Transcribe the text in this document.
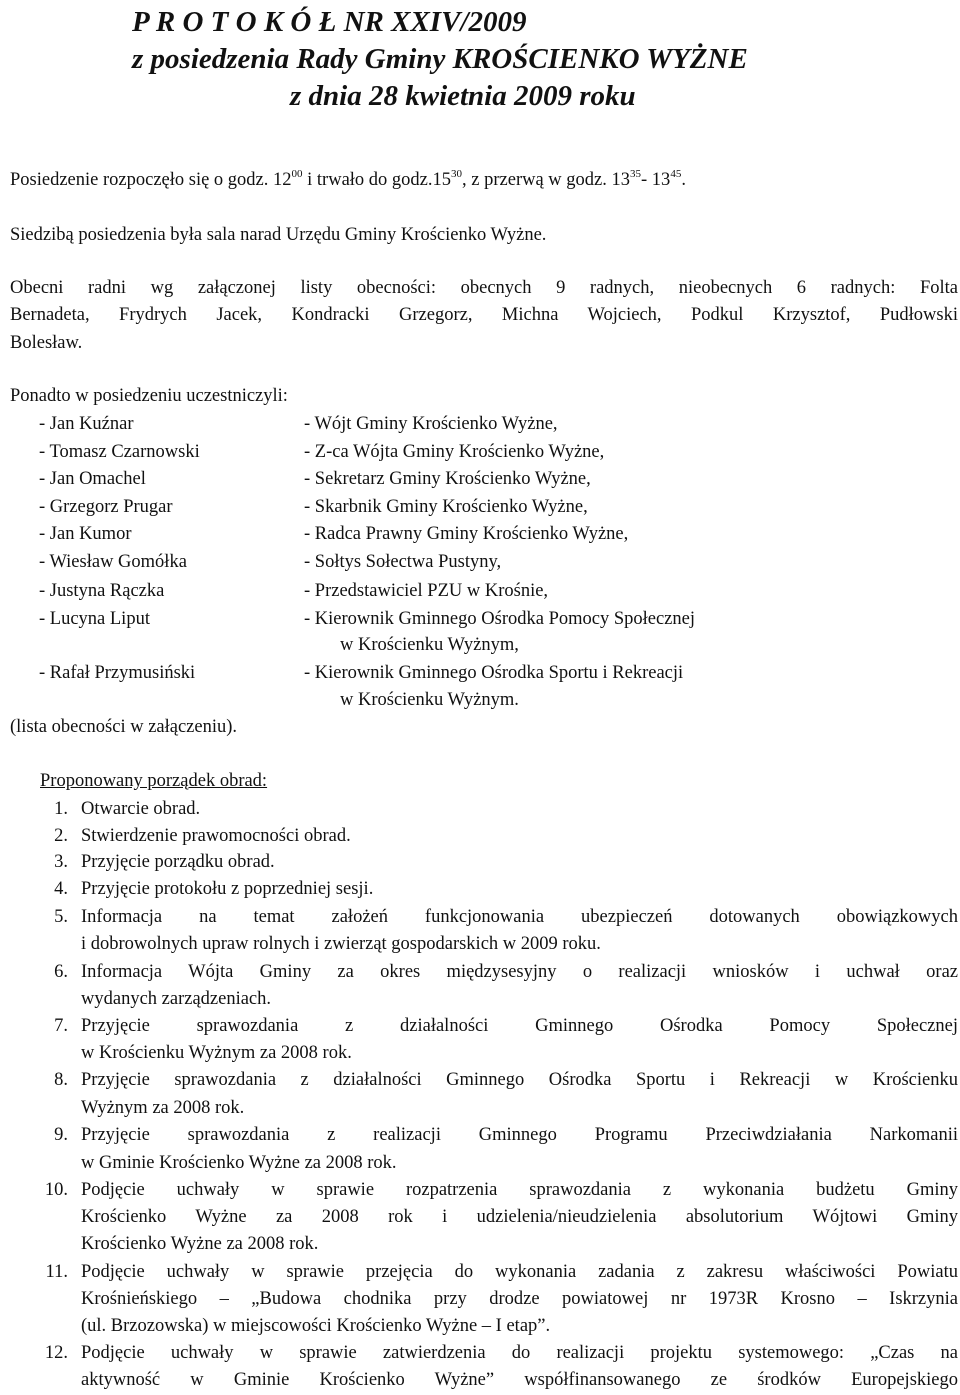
P R O T O K Ó Ł NR XXIV/2009
z posiedzenia Rady Gminy KROŚCIENKO WYŻNE
z dnia 28 kwietnia 2009 roku
Posiedzenie rozpoczęło się o godz. $12^{00}$ i trwało do $godz.15^{30}$, z przerwą w godz. $13^{35}-$ $13^{45}$.
Siedzibą posiedzenia była sala narad Urzędu Gminy Krościenko Wyżne.
Obecni radni wg załączonej listy obecności: obecnych 9 radnych, nieobecnych 6 radnych: Folta
Bernadeta, Frydrych Jacek, Kondracki Grzegorz, Michna Wojciech, Podkul Krzysztof, Pudłowski
Bolesław.
Ponadto w posiedzeniu uczestniczyli:
- Jan Kuźnar	- Wójt Gminy Krościenko Wyżne,
- Tomasz Czarnowski	- Z-ca Wójta Gminy Krościenko Wyżne,
- Jan Omachel	- Sekretarz Gminy Krościenko Wyżne,
- Grzegorz Prugar	- Skarbnik Gminy Krościenko Wyżne,
- Jan Kumor	- Radca Prawny Gminy Krościenko Wyżne,
- Wiesław Gomółka	- Sołtys Sołectwa Pustyny,
- Justyna Rączka	- Przedstawiciel PZU w Krośnie,
- Lucyna Liput	- Kierownik Gminnego Ośrodka Pomocy Społecznej
w Krościenku Wyżnym,
- Rafał Przymusiński	- Kierownik Gminnego Ośrodka Sportu i Rekreacji
w Krościenku Wyżnym.
(lista obecności w załączeniu).
Proponowany porządek obrad:
1. Otwarcie obrad.
2. Stwierdzenie prawomocności obrad.
3. Przyjęcie porządku obrad.
4. Przyjęcie protokołu z poprzedniej sesji.
5. Informacja na temat założeń funkcjonowania ubezpieczeń dotowanych obowiązkowych
i dobrowolnych upraw rolnych i zwierząt gospodarskich w 2009 roku.
6. Informacja Wójta Gminy za okres międzysesyjny o realizacji wniosków i uchwał oraz
wydanych zarządzeniach.
7. Przyjęcie sprawozdania z działalności Gminnego Ośrodka Pomocy Społecznej
w Krościenku Wyżnym za 2008 rok.
8. Przyjęcie sprawozdania z działalności Gminnego Ośrodka Sportu i Rekreacji w Krościenku
Wyżnym za 2008 rok.
9. Przyjęcie sprawozdania z realizacji Gminnego Programu Przeciwdziałania Narkomanii
w Gminie Krościenko Wyżne za 2008 rok.
10. Podjęcie uchwały w sprawie rozpatrzenia sprawozdania z wykonania budżetu Gminy
Krościenko Wyżne za 2008 rok i udzielenia/nieudzielenia absolutorium Wójtowi Gminy
Krościenko Wyżne za 2008 rok.
11. Podjęcie uchwały w sprawie przejęcia do wykonania zadania z zakresu właściwości Powiatu
Krośnieńskiego – „Budowa chodnika przy drodze powiatowej nr 1973R Krosno – Iskrzynia
(ul. Brzozowska) w miejscowości Krościenko Wyżne – I etap”.
12. Podjęcie uchwały w sprawie zatwierdzenia do realizacji projektu systemowego: „Czas na
aktywność w Gminie Krościenko Wyżne” współfinansowanego ze środków Europejskiego
